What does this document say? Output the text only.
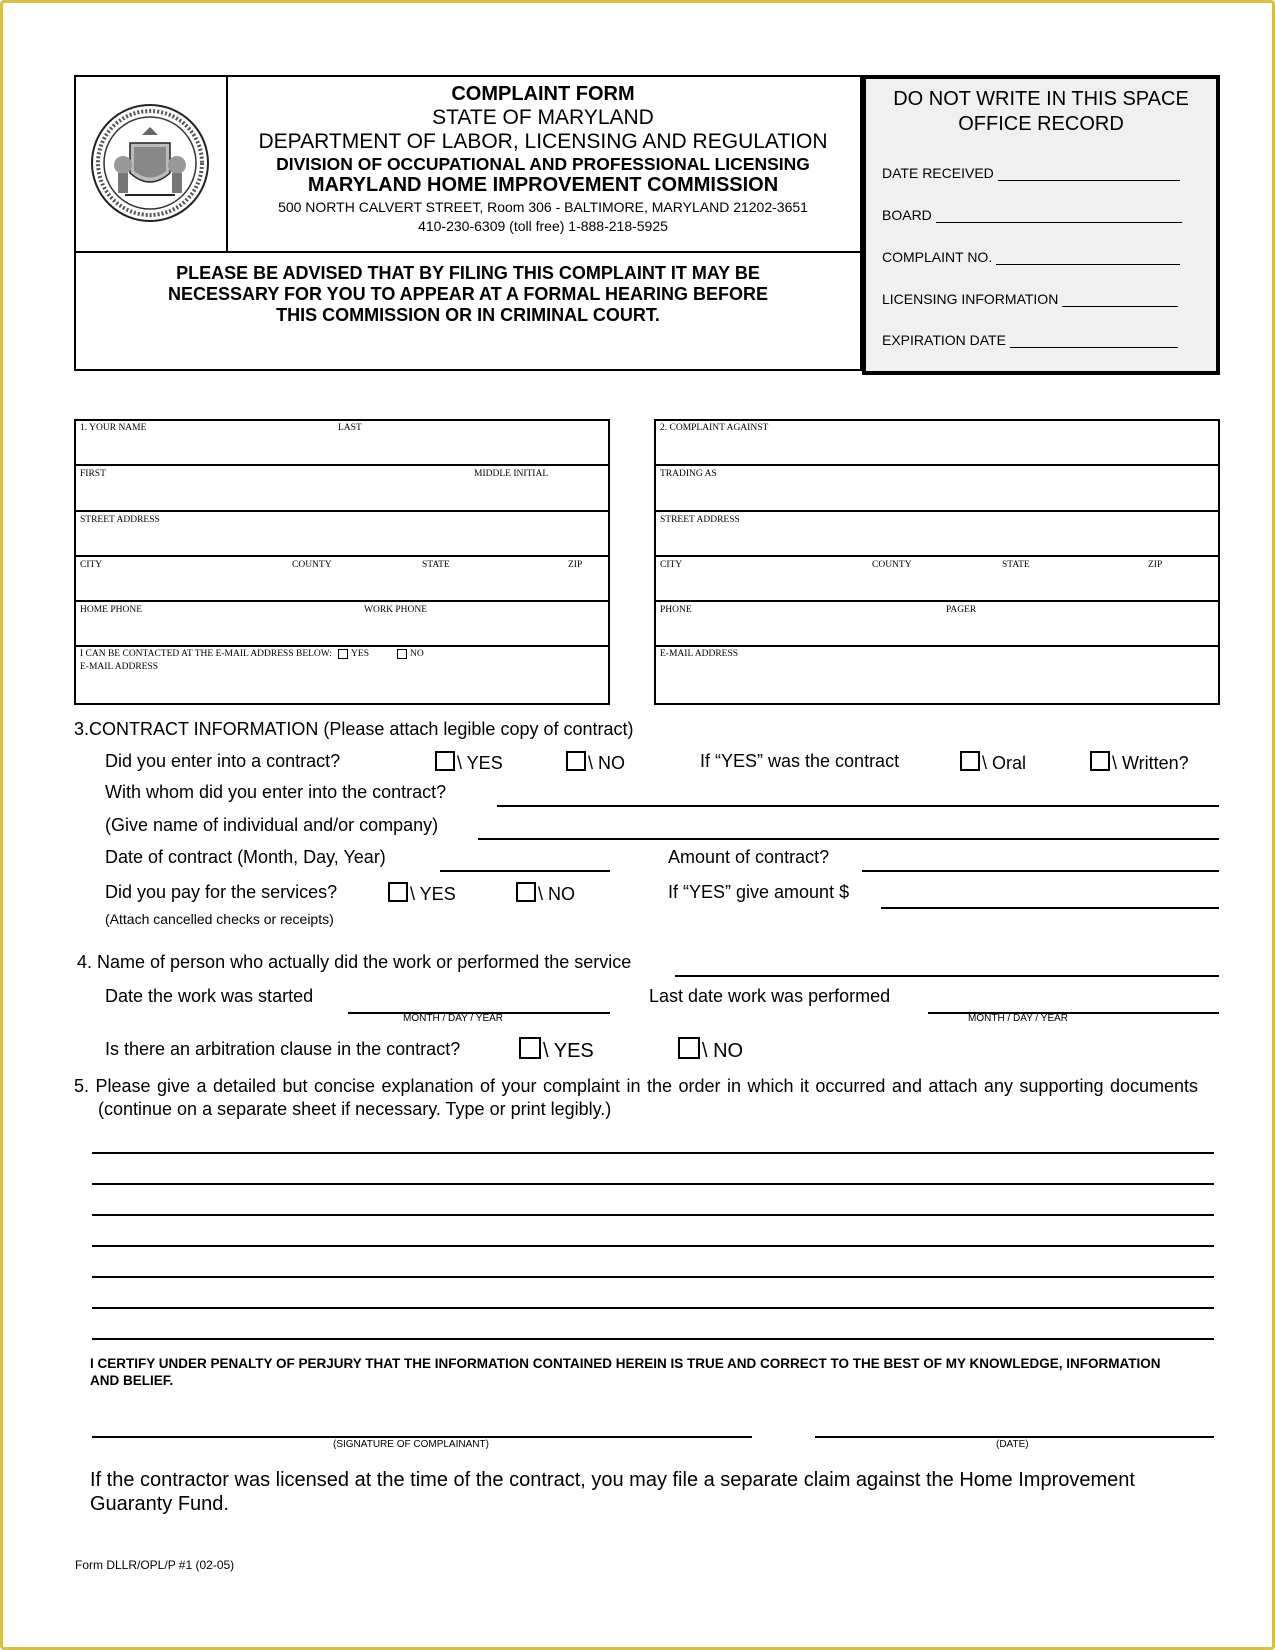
COMPLAINT FORM
STATE OF MARYLAND
DEPARTMENT OF LABOR, LICENSING AND REGULATION
DIVISION OF OCCUPATIONAL AND PROFESSIONAL LICENSING
MARYLAND HOME IMPROVEMENT COMMISSION
500 NORTH CALVERT STREET, Room 306 - BALTIMORE, MARYLAND 21202-3651
410-230-6309 (toll free) 1-888-218-5925
PLEASE BE ADVISED THAT BY FILING THIS COMPLAINT IT MAY BE NECESSARY FOR YOU TO APPEAR AT A FORMAL HEARING BEFORE THIS COMMISSION OR IN CRIMINAL COURT.
DO NOT WRITE IN THIS SPACE
OFFICE RECORD
DATE RECEIVED
BOARD
COMPLAINT NO.
LICENSING INFORMATION
EXPIRATION DATE
1. YOUR NAME	LAST
FIRST	MIDDLE INITIAL
STREET ADDRESS
CITY	COUNTY	STATE	ZIP
HOME PHONE	WORK PHONE
I CAN BE CONTACTED AT THE E-MAIL ADDRESS BELOW: YES	NO
E-MAIL ADDRESS
2. COMPLAINT AGAINST
TRADING AS
STREET ADDRESS
CITY	COUNTY	STATE	ZIP
PHONE	PAGER
E-MAIL ADDRESS
3.CONTRACT INFORMATION (Please attach legible copy of contract)
Did you enter into a contract?	\ YES	\ NO	If “YES” was the contract	\ Oral	\ Written?
With whom did you enter into the contract?
(Give name of individual and/or company)
Date of contract (Month, Day, Year)	Amount of contract?
Did you pay for the services?	\ YES	\ NO	If “YES” give amount $
(Attach cancelled checks or receipts)
4. Name of person who actually did the work or performed the service
Date the work was started
MONTH / DAY / YEAR
Last date work was performed
MONTH / DAY / YEAR
Is there an arbitration clause in the contract?	\ YES	\ NO
5. Please give a detailed but concise explanation of your complaint in the order in which it occurred and attach any supporting documents (continue on a separate sheet if necessary. Type or print legibly.)
I CERTIFY UNDER PENALTY OF PERJURY THAT THE INFORMATION CONTAINED HEREIN IS TRUE AND CORRECT TO THE BEST OF MY KNOWLEDGE, INFORMATION AND BELIEF.
(SIGNATURE OF COMPLAINANT)	(DATE)
If the contractor was licensed at the time of the contract, you may file a separate claim against the Home Improvement Guaranty Fund.
Form DLLR/OPL/P #1 (02-05)
